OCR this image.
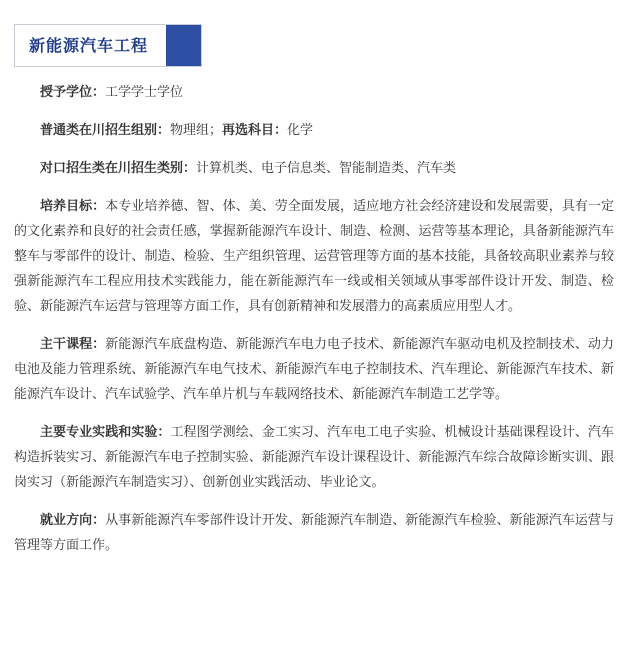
新能源汽车工程

授予学位：工学学士学位

普通类在川招生组别：物理组；再选科目：化学

对口招生类在川招生类别：计算机类、电子信息类、智能制造类、汽车类

培养目标：本专业培养德、智、体、美、劳全面发展，适应地方社会经济建设和发展需要，具有一定的文化素养和良好的社会责任感，掌握新能源汽车设计、制造、检测、运营等基本理论，具备新能源汽车整车与零部件的设计、制造、检验、生产组织管理、运营管理等方面的基本技能，具备较高职业素养与较强新能源汽车工程应用技术实践能力，能在新能源汽车一线或相关领域从事零部件设计开发、制造、检验、新能源汽车运营与管理等方面工作，具有创新精神和发展潜力的高素质应用型人才。

主干课程：新能源汽车底盘构造、新能源汽车电力电子技术、新能源汽车驱动电机及控制技术、动力电池及能力管理系统、新能源汽车电气技术、新能源汽车电子控制技术、汽车理论、新能源汽车技术、新能源汽车设计、汽车试验学、汽车单片机与车载网络技术、新能源汽车制造工艺学等。

主要专业实践和实验：工程图学测绘、金工实习、汽车电工电子实验、机械设计基础课程设计、汽车构造拆装实习、新能源汽车电子控制实验、新能源汽车设计课程设计、新能源汽车综合故障诊断实训、跟岗实习（新能源汽车制造实习）、创新创业实践活动、毕业论文。

就业方向：从事新能源汽车零部件设计开发、新能源汽车制造、新能源汽车检验、新能源汽车运营与管理等方面工作。
